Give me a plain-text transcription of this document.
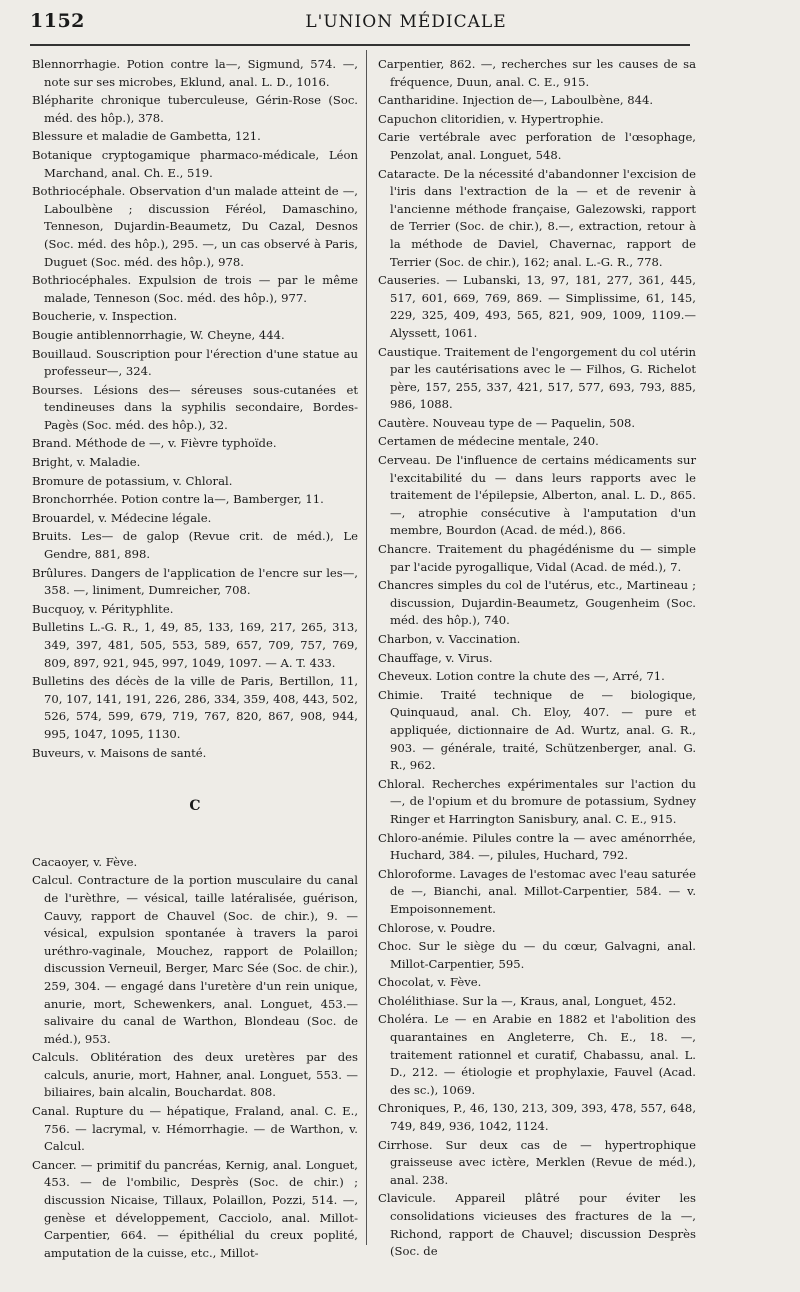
1152	L'UNION MÉDICALE

Blennorrhagie. Potion contre la—, Sigmund, 574. —, note sur ses microbes, Eklund, anal. L. D., 1016.

Blépharite chronique tuberculeuse, Gérin-Rose (Soc. méd. des hôp.), 378.

Blessure et maladie de Gambetta, 121.

Botanique cryptogamique pharmaco-médicale, Léon Marchand, anal. Ch. E., 519.

Bothriocéphale. Observation d'un malade atteint de —, Laboulbène ; discussion Féréol, Damaschino, Tenneson, Dujardin-Beaumetz, Du Cazal, Desnos (Soc. méd. des hôp.), 295. —, un cas observé à Paris, Duguet (Soc. méd. des hôp.), 978.

Bothriocéphales. Expulsion de trois — par le même malade, Tenneson (Soc. méd. des hôp.), 977.

Boucherie, v. Inspection.

Bougie antiblennorrhagie, W. Cheyne, 444.

Bouillaud. Souscription pour l'érection d'une statue au professeur—, 324.

Bourses. Lésions des— séreuses sous-cutanées et tendineuses dans la syphilis secondaire, Bordes-Pagès (Soc. méd. des hôp.), 32.

Brand. Méthode de —, v. Fièvre typhoïde.

Bright, v. Maladie.

Bromure de potassium, v. Chloral.

Bronchorrhée. Potion contre la—, Bamberger, 11.

Brouardel, v. Médecine légale.

Bruits. Les— de galop (Revue crit. de méd.), Le Gendre, 881, 898.

Brûlures. Dangers de l'application de l'encre sur les—, 358. —, liniment, Dumreicher, 708.

Bucquoy, v. Pérityphlite.

Bulletins L.-G. R., 1, 49, 85, 133, 169, 217, 265, 313, 349, 397, 481, 505, 553, 589, 657, 709, 757, 769, 809, 897, 921, 945, 997, 1049, 1097. — A. T. 433.

Bulletins des décès de la ville de Paris, Bertillon, 11, 70, 107, 141, 191, 226, 286, 334, 359, 408, 443, 502, 526, 574, 599, 679, 719, 767, 820, 867, 908, 944, 995, 1047, 1095, 1130.

Buveurs, v. Maisons de santé.

C

Cacaoyer, v. Fève.

Calcul. Contracture de la portion musculaire du canal de l'urèthre, — vésical, taille latéralisée, guérison, Cauvy, rapport de Chauvel (Soc. de chir.), 9. — vésical, expulsion spontanée à travers la paroi uréthro-vaginale, Mouchez, rapport de Polaillon; discussion Verneuil, Berger, Marc Sée (Soc. de chir.), 259, 304. — engagé dans l'uretère d'un rein unique, anurie, mort, Schewenkers, anal. Longuet, 453.— salivaire du canal de Warthon, Blondeau (Soc. de méd.), 953.

Calculs. Oblitération des deux uretères par des calculs, anurie, mort, Hahner, anal. Longuet, 553. — biliaires, bain alcalin, Bouchardat. 808.

Canal. Rupture du — hépatique, Fraland, anal. C. E., 756. — lacrymal, v. Hémorrhagie. — de Warthon, v. Calcul.

Cancer. — primitif du pancréas, Kernig, anal. Longuet, 453. — de l'ombilic, Desprès (Soc. de chir.) ; discussion Nicaise, Tillaux, Polaillon, Pozzi, 514. —, genèse et développement, Cacciolo, anal. Millot-Carpentier, 664. — épithélial du creux poplité, amputation de la cuisse, etc., Millot-

Carpentier, 862. —, recherches sur les causes de sa fréquence, Duun, anal. C. E., 915.

Cantharidine. Injection de—, Laboulbène, 844.

Capuchon clitoridien, v. Hypertrophie.

Carie vertébrale avec perforation de l'œsophage, Penzolat, anal. Longuet, 548.

Cataracte. De la nécessité d'abandonner l'excision de l'iris dans l'extraction de la — et de revenir à l'ancienne méthode française, Galezowski, rapport de Terrier (Soc. de chir.), 8.—, extraction, retour à la méthode de Daviel, Chavernac, rapport de Terrier (Soc. de chir.), 162; anal. L.-G. R., 778.

Causeries. — Lubanski, 13, 97, 181, 277, 361, 445, 517, 601, 669, 769, 869. — Simplissime, 61, 145, 229, 325, 409, 493, 565, 821, 909, 1009, 1109.— Alyssett, 1061.

Caustique. Traitement de l'engorgement du col utérin par les cautérisations avec le — Filhos, G. Richelot père, 157, 255, 337, 421, 517, 577, 693, 793, 885, 986, 1088.

Cautère. Nouveau type de — Paquelin, 508.

Certamen de médecine mentale, 240.

Cerveau. De l'influence de certains médicaments sur l'excitabilité du — dans leurs rapports avec le traitement de l'épilepsie, Alberton, anal. L. D., 865. —, atrophie consécutive à l'amputation d'un membre, Bourdon (Acad. de méd.), 866.

Chancre. Traitement du phagédénisme du — simple par l'acide pyrogallique, Vidal (Acad. de méd.), 7.

Chancres simples du col de l'utérus, etc., Martineau ; discussion, Dujardin-Beaumetz, Gougenheim (Soc. méd. des hôp.), 740.

Charbon, v. Vaccination.

Chauffage, v. Virus.

Cheveux. Lotion contre la chute des —, Arré, 71.

Chimie. Traité technique de — biologique, Quinquaud, anal. Ch. Eloy, 407. — pure et appliquée, dictionnaire de Ad. Wurtz, anal. G. R., 903. — générale, traité, Schützenberger, anal. G. R., 962.

Chloral. Recherches expérimentales sur l'action du —, de l'opium et du bromure de potassium, Sydney Ringer et Harrington Sanisbury, anal. C. E., 915.

Chloro-anémie. Pilules contre la — avec aménorrhée, Huchard, 384. —, pilules, Huchard, 792.

Chloroforme. Lavages de l'estomac avec l'eau saturée de —, Bianchi, anal. Millot-Carpentier, 584. — v. Empoisonnement.

Chlorose, v. Poudre.

Choc. Sur le siège du — du cœur, Galvagni, anal. Millot-Carpentier, 595.

Chocolat, v. Fève.

Cholélithiase. Sur la —, Kraus, anal, Longuet, 452.

Choléra. Le — en Arabie en 1882 et l'abolition des quarantaines en Angleterre, Ch. E., 18. —, traitement rationnel et curatif, Chabassu, anal. L. D., 212. — étiologie et prophylaxie, Fauvel (Acad. des sc.), 1069.

Chroniques, P., 46, 130, 213, 309, 393, 478, 557, 648, 749, 849, 936, 1042, 1124.

Cirrhose. Sur deux cas de — hypertrophique graisseuse avec ictère, Merklen (Revue de méd.), anal. 238.

Clavicule. Appareil plâtré pour éviter les consolidations vicieuses des fractures de la —, Richond, rapport de Chauvel; discussion Desprès (Soc. de
